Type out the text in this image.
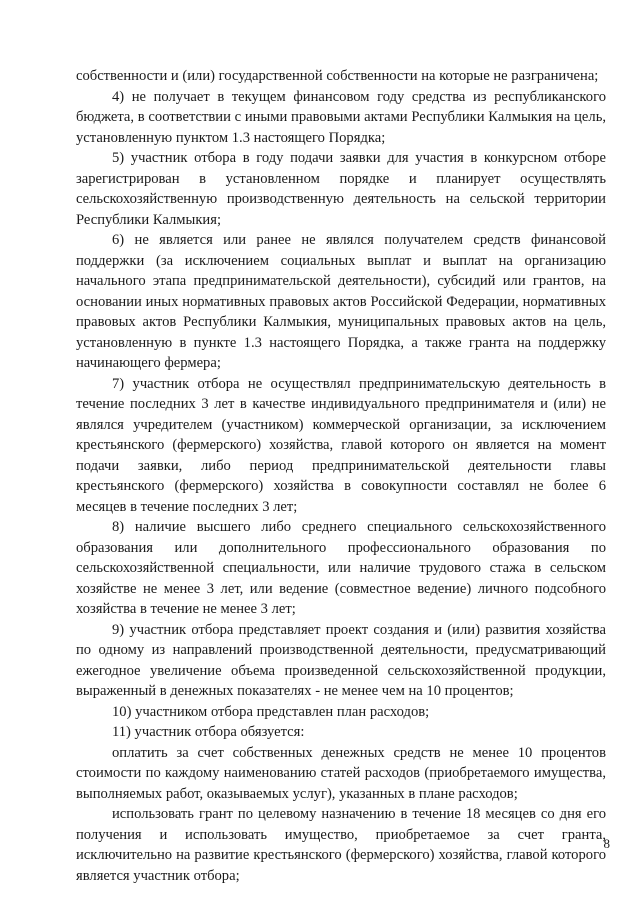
собственности и (или) государственной собственности на которые не разграничена;

4) не получает в текущем финансовом году средства из республиканского бюджета, в соответствии с иными правовыми актами Республики Калмыкия на цель, установленную пунктом 1.3 настоящего Порядка;

5) участник отбора в году подачи заявки для участия в конкурсном отборе зарегистрирован в установленном порядке и планирует осуществлять сельскохозяйственную производственную деятельность на сельской территории Республики Калмыкия;

6) не является или ранее не являлся получателем средств финансовой поддержки (за исключением социальных выплат и выплат на организацию начального этапа предпринимательской деятельности), субсидий или грантов, на основании иных нормативных правовых актов Российской Федерации, нормативных правовых актов Республики Калмыкия, муниципальных правовых актов на цель, установленную в пункте 1.3 настоящего Порядка, а также гранта на поддержку начинающего фермера;

7) участник отбора не осуществлял предпринимательскую деятельность в течение последних 3 лет в качестве индивидуального предпринимателя и (или) не являлся учредителем (участником) коммерческой организации, за исключением крестьянского (фермерского) хозяйства, главой которого он является на момент подачи заявки, либо период предпринимательской деятельности главы крестьянского (фермерского) хозяйства в совокупности составлял не более 6 месяцев в течение последних 3 лет;

8) наличие высшего либо среднего специального сельскохозяйственного образования или дополнительного профессионального образования по сельскохозяйственной специальности, или наличие трудового стажа в сельском хозяйстве не менее 3 лет, или ведение (совместное ведение) личного подсобного хозяйства в течение не менее 3 лет;

9) участник отбора представляет проект создания и (или) развития хозяйства по одному из направлений производственной деятельности, предусматривающий ежегодное увеличение объема произведенной сельскохозяйственной продукции, выраженный в денежных показателях - не менее чем на 10 процентов;

10) участником отбора представлен план расходов;

11) участник отбора обязуется:

оплатить за счет собственных денежных средств не менее 10 процентов стоимости по каждому наименованию статей расходов (приобретаемого имущества, выполняемых работ, оказываемых услуг), указанных в плане расходов;

использовать грант по целевому назначению в течение 18 месяцев со дня его получения и использовать имущество, приобретаемое за счет гранта, исключительно на развитие крестьянского (фермерского) хозяйства, главой которого является участник отбора;

8
